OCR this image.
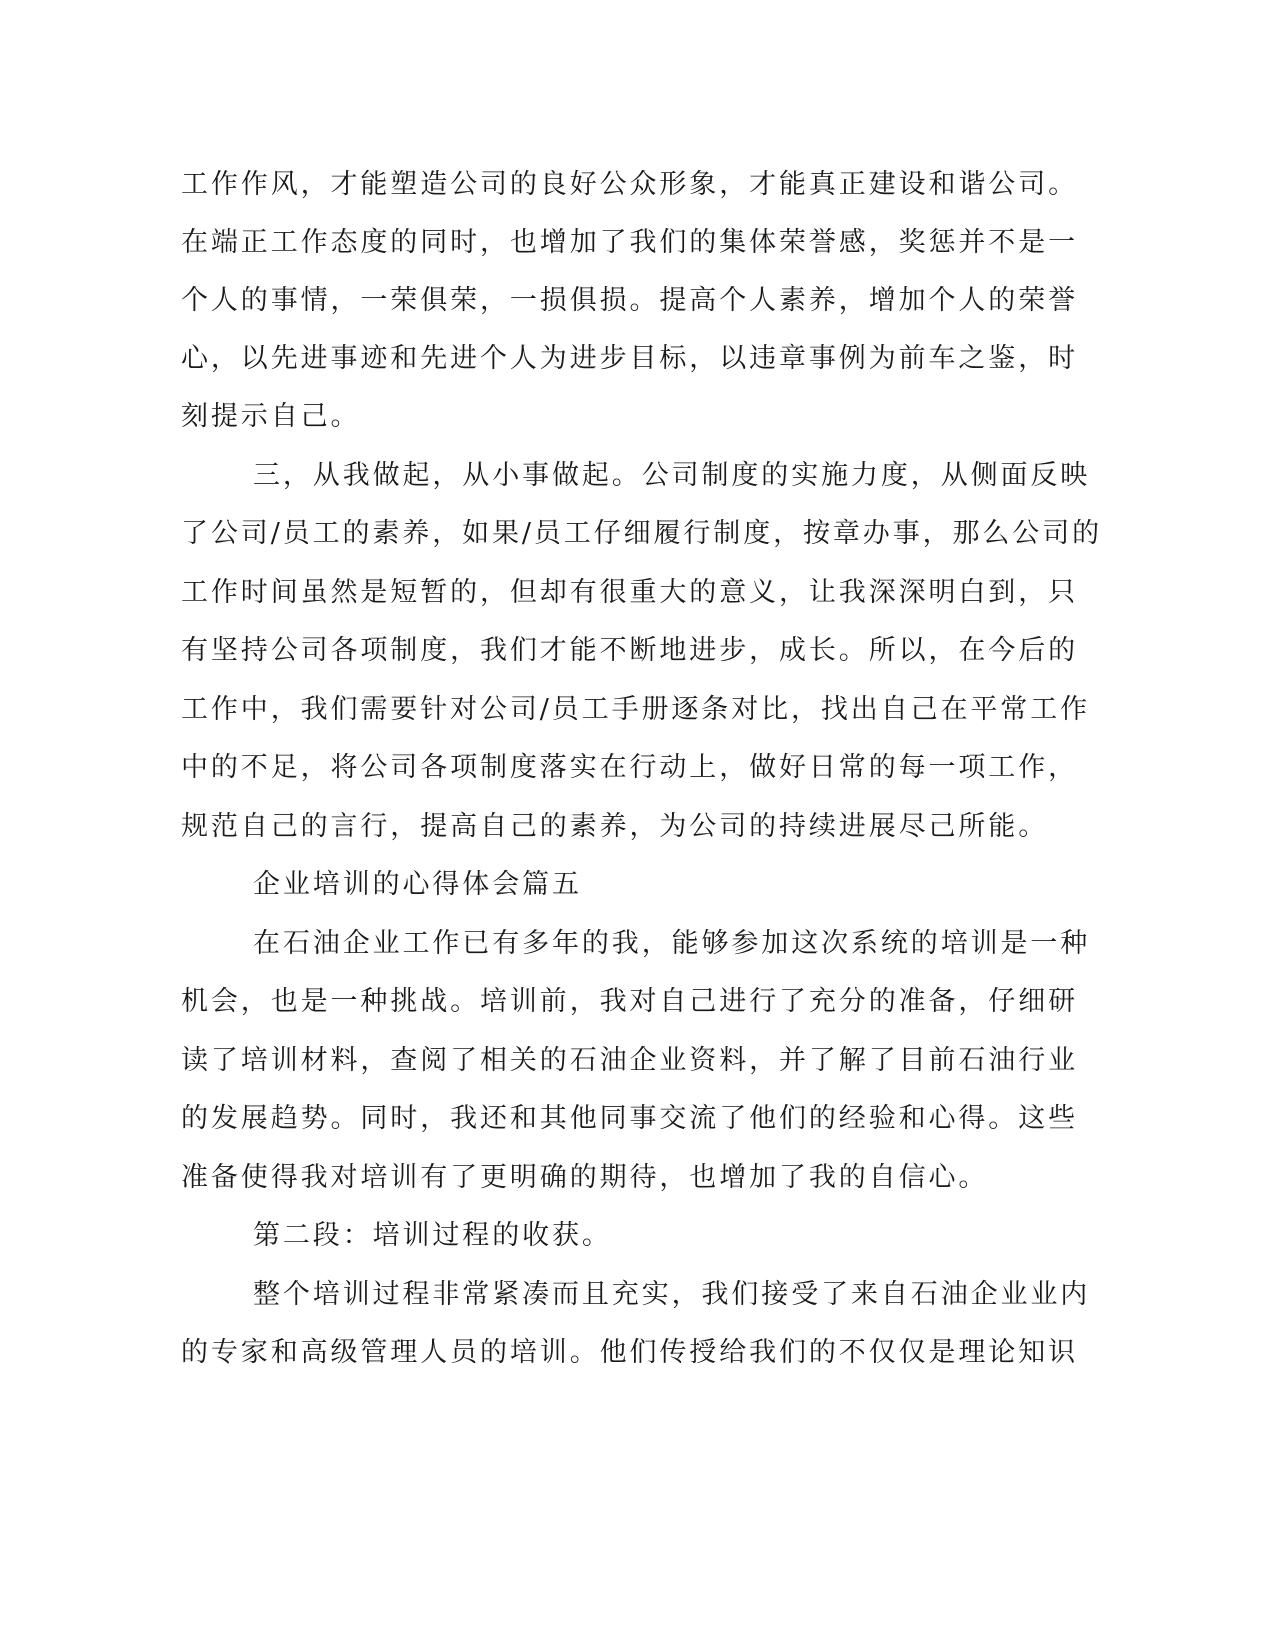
工作作风，才能塑造公司的良好公众形象，才能真正建设和谐公司。
在端正工作态度的同时，也增加了我们的集体荣誉感，奖惩并不是一
个人的事情，一荣俱荣，一损俱损。提高个人素养，增加个人的荣誉
心，以先进事迹和先进个人为进步目标，以违章事例为前车之鉴，时
刻提示自己。
三，从我做起，从小事做起。公司制度的实施力度，从侧面反映
了公司/员工的素养，如果/员工仔细履行制度，按章办事，那么公司的
工作时间虽然是短暂的，但却有很重大的意义，让我深深明白到，只
有坚持公司各项制度，我们才能不断地进步，成长。所以，在今后的
工作中，我们需要针对公司/员工手册逐条对比，找出自己在平常工作
中的不足，将公司各项制度落实在行动上，做好日常的每一项工作，
规范自己的言行，提高自己的素养，为公司的持续进展尽己所能。
企业培训的心得体会篇五
在石油企业工作已有多年的我，能够参加这次系统的培训是一种
机会，也是一种挑战。培训前，我对自己进行了充分的准备，仔细研
读了培训材料，查阅了相关的石油企业资料，并了解了目前石油行业
的发展趋势。同时，我还和其他同事交流了他们的经验和心得。这些
准备使得我对培训有了更明确的期待，也增加了我的自信心。
第二段：培训过程的收获。
整个培训过程非常紧凑而且充实，我们接受了来自石油企业业内
的专家和高级管理人员的培训。他们传授给我们的不仅仅是理论知识
